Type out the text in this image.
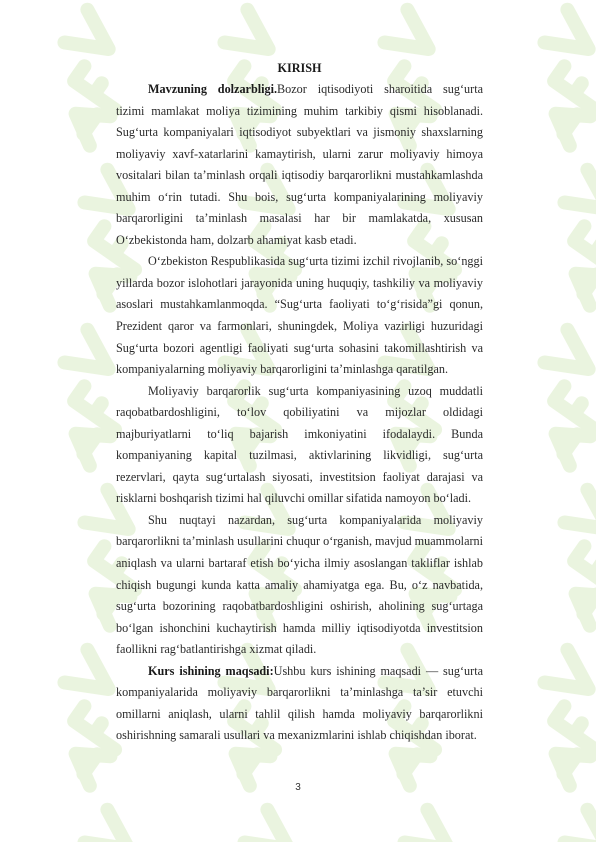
KIRISH

Mavzuning dolzarbligi.Bozor iqtisodiyoti sharoitida sug‘urta tizimi mamlakat moliya tizimining muhim tarkibiy qismi hisoblanadi. Sug‘urta kompaniyalari iqtisodiyot subyektlari va jismoniy shaxslarning moliyaviy xavf-xatarlarini kamaytirish, ularni zarur moliyaviy himoya vositalari bilan ta’minlash orqali iqtisodiy barqarorlikni mustahkamlashda muhim o‘rin tutadi. Shu bois, sug‘urta kompaniyalarining moliyaviy barqarorligini ta’minlash masalasi har bir mamlakatda, xususan O‘zbekistonda ham, dolzarb ahamiyat kasb etadi.

O‘zbekiston Respublikasida sug‘urta tizimi izchil rivojlanib, so‘nggi yillarda bozor islohotlari jarayonida uning huquqiy, tashkiliy va moliyaviy asoslari mustahkamlanmoqda. “Sug‘urta faoliyati to‘g‘risida”gi qonun, Prezident qaror va farmonlari, shuningdek, Moliya vazirligi huzuridagi Sug‘urta bozori agentligi faoliyati sug‘urta sohasini takomillashtirish va kompaniyalarning moliyaviy barqarorligini ta’minlashga qaratilgan.

Moliyaviy barqarorlik sug‘urta kompaniyasining uzoq muddatli raqobatbardoshligini, to‘lov qobiliyatini va mijozlar oldidagi majburiyatlarni to‘liq bajarish imkoniyatini ifodalaydi. Bunda kompaniyaning kapital tuzilmasi, aktivlarining likvidligi, sug‘urta rezervlari, qayta sug‘urtalash siyosati, investitsion faoliyat darajasi va risklarni boshqarish tizimi hal qiluvchi omillar sifatida namoyon bo‘ladi.

Shu nuqtayi nazardan, sug‘urta kompaniyalarida moliyaviy barqarorlikni ta’minlash usullarini chuqur o‘rganish, mavjud muammolarni aniqlash va ularni bartaraf etish bo‘yicha ilmiy asoslangan takliflar ishlab chiqish bugungi kunda katta amaliy ahamiyatga ega. Bu, o‘z navbatida, sug‘urta bozorining raqobatbardoshligini oshirish, aholining sug‘urtaga bo‘lgan ishonchini kuchaytirish hamda milliy iqtisodiyotda investitsion faollikni rag‘batlantirishga xizmat qiladi.

Kurs ishining maqsadi:Ushbu kurs ishining maqsadi — sug‘urta kompaniyalarida moliyaviy barqarorlikni ta’minlashga ta’sir etuvchi omillarni aniqlash, ularni tahlil qilish hamda moliyaviy barqarorlikni oshirishning samarali usullari va mexanizmlarini ishlab chiqishdan iborat.

3
